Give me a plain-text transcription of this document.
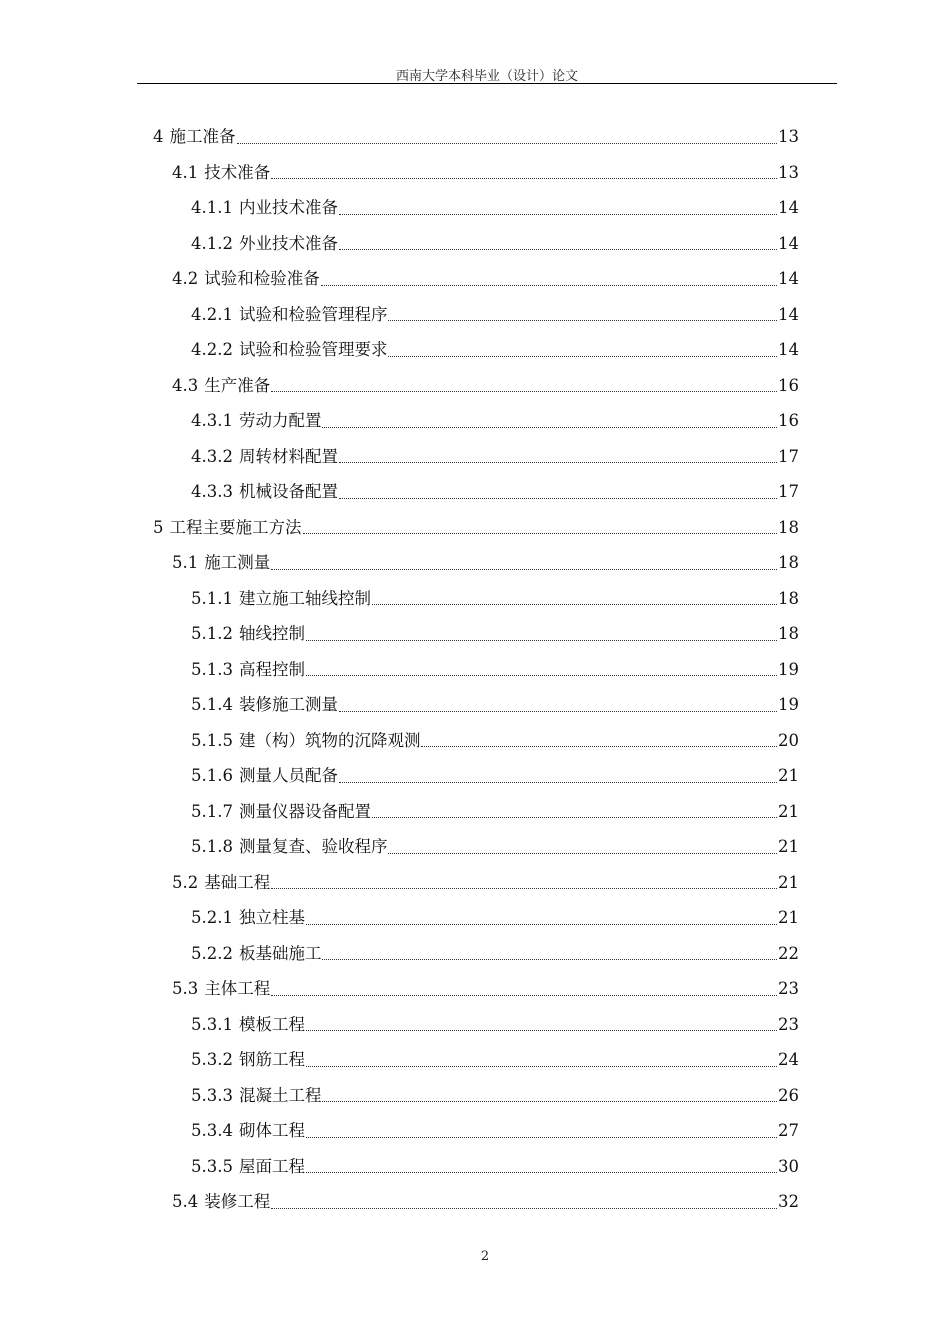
西南大学本科毕业（设计）论文
4 施工准备	13
4.1 技术准备	13
4.1.1 内业技术准备	14
4.1.2 外业技术准备	14
4.2 试验和检验准备	14
4.2.1 试验和检验管理程序	14
4.2.2 试验和检验管理要求	14
4.3 生产准备	16
4.3.1 劳动力配置	16
4.3.2 周转材料配置	17
4.3.3 机械设备配置	17
5 工程主要施工方法	18
5.1 施工测量	18
5.1.1 建立施工轴线控制	18
5.1.2 轴线控制	18
5.1.3 高程控制	19
5.1.4 装修施工测量	19
5.1.5 建（构）筑物的沉降观测	20
5.1.6 测量人员配备	21
5.1.7 测量仪器设备配置	21
5.1.8 测量复查、验收程序	21
5.2 基础工程	21
5.2.1 独立柱基	21
5.2.2 板基础施工	22
5.3 主体工程	23
5.3.1 模板工程	23
5.3.2 钢筋工程	24
5.3.3 混凝土工程	26
5.3.4 砌体工程	27
5.3.5 屋面工程	30
5.4 装修工程	32
2
